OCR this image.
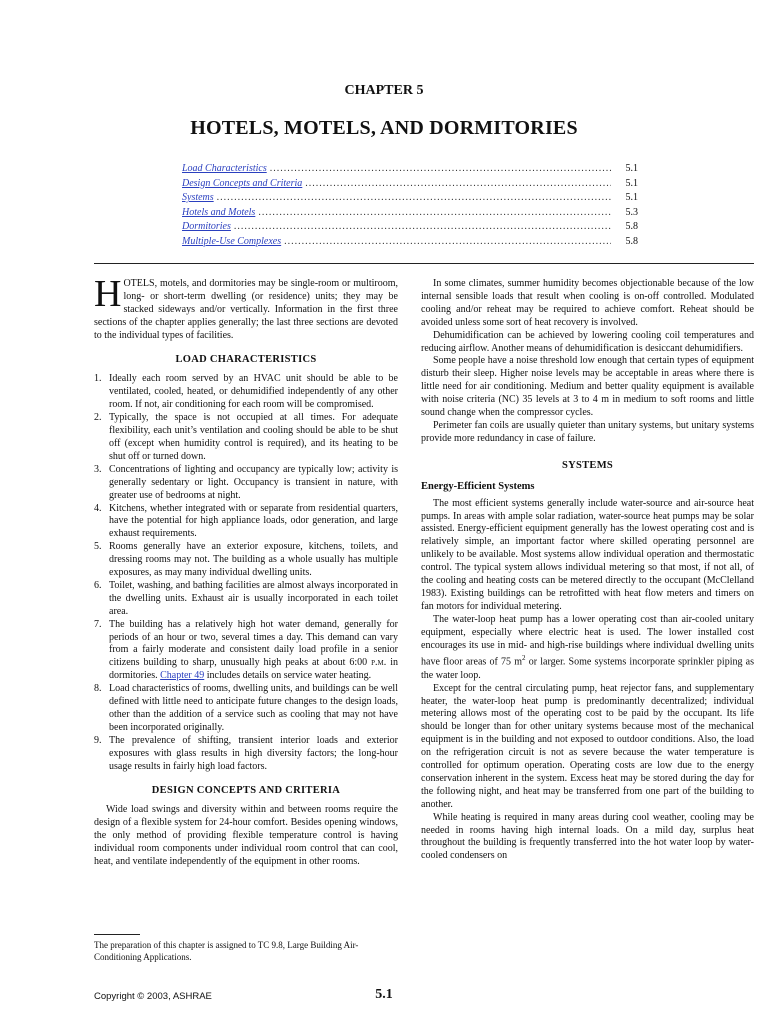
CHAPTER 5
HOTELS, MOTELS, AND DORMITORIES
Load Characteristics .....	5.1
Design Concepts and Criteria .....	5.1
Systems .....	5.1
Hotels and Motels .....	5.3
Dormitories .....	5.8
Multiple-Use Complexes .....	5.8

HOTELS, motels, and dormitories may be single-room or multiroom, long- or short-term dwelling (or residence) units; they may be stacked sideways and/or vertically. Information in the first three sections of the chapter applies generally; the last three sections are devoted to the individual types of facilities.

LOAD CHARACTERISTICS
1. Ideally each room served by an HVAC unit should be able to be ventilated, cooled, heated, or dehumidified independently of any other room. If not, air conditioning for each room will be compromised.
2. Typically, the space is not occupied at all times. For adequate flexibility, each unit’s ventilation and cooling should be able to be shut off (except when humidity control is required), and its heating to be shut off or turned down.
3. Concentrations of lighting and occupancy are typically low; activity is generally sedentary or light. Occupancy is transient in nature, with greater use of bedrooms at night.
4. Kitchens, whether integrated with or separate from residential quarters, have the potential for high appliance loads, odor generation, and large exhaust requirements.
5. Rooms generally have an exterior exposure, kitchens, toilets, and dressing rooms may not. The building as a whole usually has multiple exposures, as may many individual dwelling units.
6. Toilet, washing, and bathing facilities are almost always incorporated in the dwelling units. Exhaust air is usually incorporated in each toilet area.
7. The building has a relatively high hot water demand, generally for periods of an hour or two, several times a day. This demand can vary from a fairly moderate and consistent daily load profile in a senior citizens building to sharp, unusually high peaks at about 6:00 p.m. in dormitories. Chapter 49 includes details on service water heating.
8. Load characteristics of rooms, dwelling units, and buildings can be well defined with little need to anticipate future changes to the design loads, other than the addition of a service such as cooling that may not have been incorporated originally.
9. The prevalence of shifting, transient interior loads and exterior exposures with glass results in high diversity factors; the long-hour usage results in fairly high load factors.
DESIGN CONCEPTS AND CRITERIA

Wide load swings and diversity within and between rooms require the design of a flexible system for 24-hour comfort. Besides opening windows, the only method of providing flexible temperature control is having individual room components under individual room control that can cool, heat, and ventilate independently of the equipment in other rooms.

The preparation of this chapter is assigned to TC 9.8, Large Building Air-Conditioning Applications.

In some climates, summer humidity becomes objectionable because of the low internal sensible loads that result when cooling is on-off controlled. Modulated cooling and/or reheat may be required to achieve comfort. Reheat should be avoided unless some sort of heat recovery is involved.

Dehumidification can be achieved by lowering cooling coil temperatures and reducing airflow. Another means of dehumidification is desiccant dehumidifiers.

Some people have a noise threshold low enough that certain types of equipment disturb their sleep. Higher noise levels may be acceptable in areas where there is little need for air conditioning. Medium and better quality equipment is available with noise criteria (NC) 35 levels at 3 to 4 m in medium to soft rooms and little sound change when the compressor cycles.

Perimeter fan coils are usually quieter than unitary systems, but unitary systems provide more redundancy in case of failure.

SYSTEMS
Energy-Efficient Systems

The most efficient systems generally include water-source and air-source heat pumps. In areas with ample solar radiation, water-source heat pumps may be solar assisted. Energy-efficient equipment generally has the lowest operating cost and is relatively simple, an important factor where skilled operating personnel are unlikely to be available. Most systems allow individual operation and thermostatic control. The typical system allows individual metering so that most, if not all, of the cooling and heating costs can be metered directly to the occupant (McClelland 1983). Existing buildings can be retrofitted with heat flow meters and timers on fan motors for individual metering.

The water-loop heat pump has a lower operating cost than air-cooled unitary equipment, especially where electric heat is used. The lower installed cost encourages its use in mid- and high-rise buildings where individual dwelling units have floor areas of 75 $m^2$ or larger. Some systems incorporate sprinkler piping as the water loop.

Except for the central circulating pump, heat rejector fans, and supplementary heater, the water-loop heat pump is predominantly decentralized; individual metering allows most of the operating cost to be paid by the occupant. Its life should be longer than for other unitary systems because most of the mechanical equipment is in the building and not exposed to outdoor conditions. Also, the load on the refrigeration circuit is not as severe because the water temperature is controlled for optimum operation. Operating costs are low due to the energy conservation inherent in the system. Excess heat may be stored during the day for the following night, and heat may be transferred from one part of the building to another.

While heating is required in many areas during cool weather, cooling may be needed in rooms having high internal loads. On a mild day, surplus heat throughout the building is frequently transferred into the hot water loop by water-cooled condensers on

Copyright © 2003, ASHRAE	5.1
